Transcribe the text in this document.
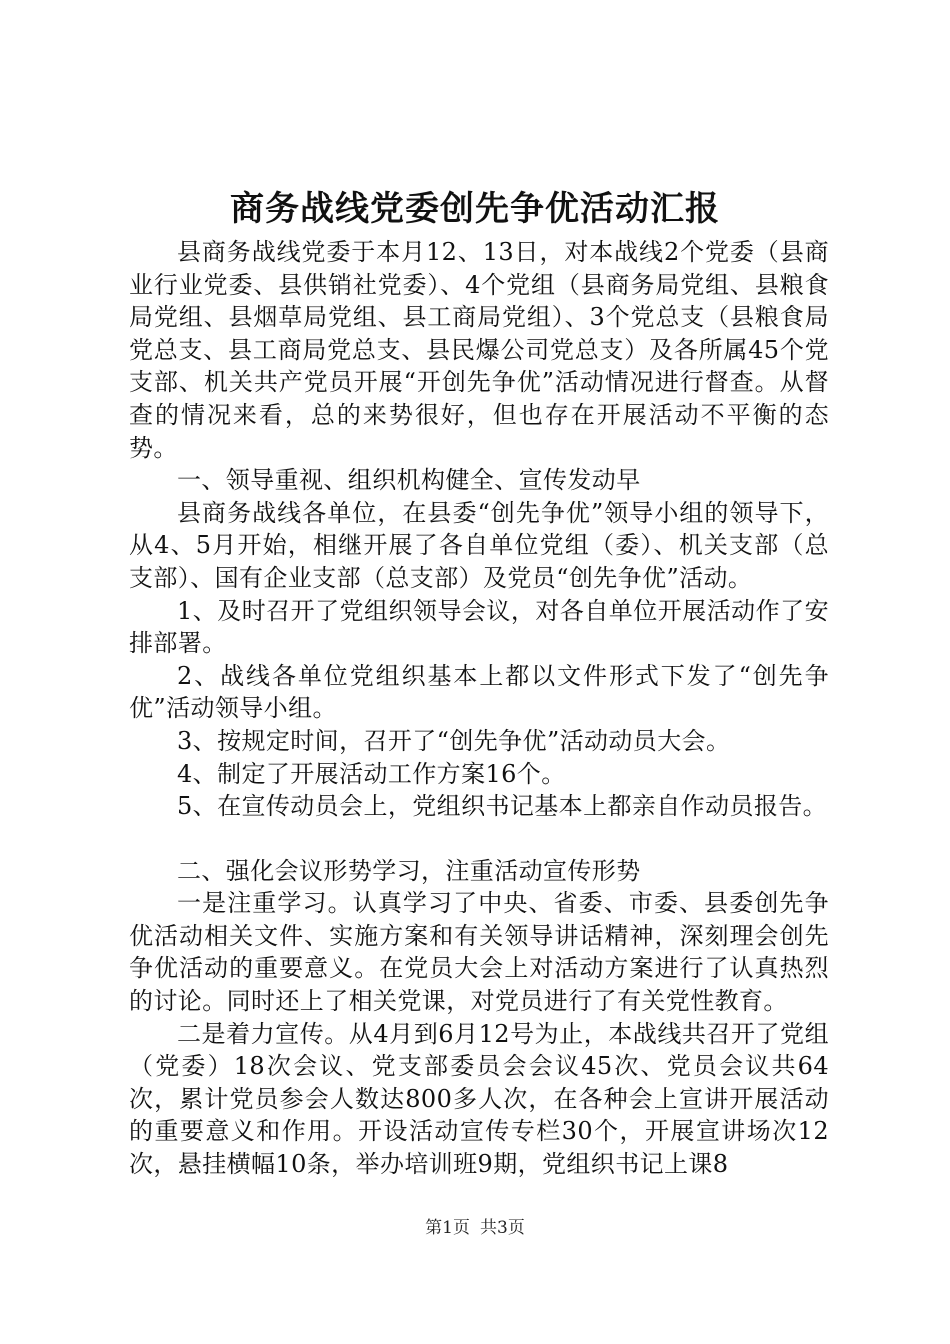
商务战线党委创先争优活动汇报

县商务战线党委于本月12、13日，对本战线2个党委（县商业行业党委、县供销社党委）、4个党组（县商务局党组、县粮食局党组、县烟草局党组、县工商局党组）、3个党总支（县粮食局党总支、县工商局党总支、县民爆公司党总支）及各所属45个党支部、机关共产党员开展“开创先争优”活动情况进行督查。从督查的情况来看，总的来势很好，但也存在开展活动不平衡的态势。

一、领导重视、组织机构健全、宣传发动早

县商务战线各单位，在县委“创先争优”领导小组的领导下，从4、5月开始，相继开展了各自单位党组（委）、机关支部（总支部）、国有企业支部（总支部）及党员“创先争优”活动。

1、及时召开了党组织领导会议，对各自单位开展活动作了安排部署。

2、战线各单位党组织基本上都以文件形式下发了“创先争优”活动领导小组。

3、按规定时间，召开了“创先争优”活动动员大会。

4、制定了开展活动工作方案16个。

5、在宣传动员会上，党组织书记基本上都亲自作动员报告。

二、强化会议形势学习，注重活动宣传形势

一是注重学习。认真学习了中央、省委、市委、县委创先争优活动相关文件、实施方案和有关领导讲话精神，深刻理会创先争优活动的重要意义。在党员大会上对活动方案进行了认真热烈的讨论。同时还上了相关党课，对党员进行了有关党性教育。

二是着力宣传。从4月到6月12号为止，本战线共召开了党组（党委）18次会议、党支部委员会会议45次、党员会议共64次，累计党员参会人数达800多人次，在各种会上宣讲开展活动的重要意义和作用。开设活动宣传专栏30个，开展宣讲场次12次，悬挂横幅10条，举办培训班9期，党组织书记上课8

第1页 共3页
